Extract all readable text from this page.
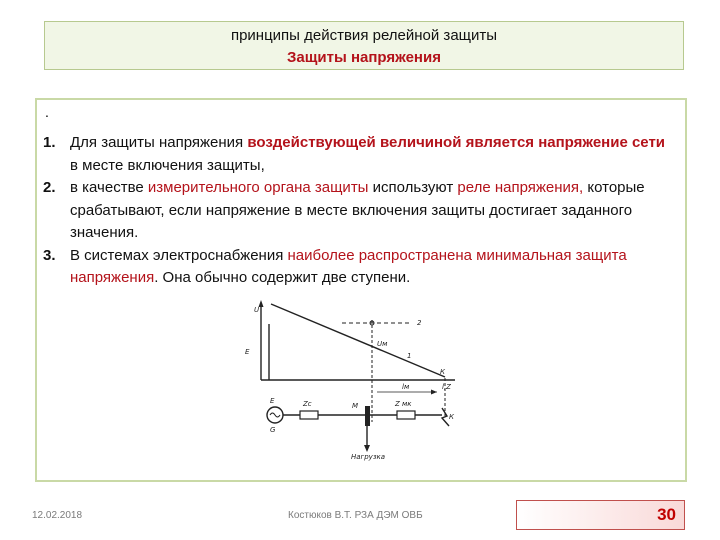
принципы действия релейной защиты
Защиты напряжения
.
1. Для защиты напряжения воздействующей величиной является напряжение сети в месте включения защиты,
2. в качестве измерительного органа защиты используют реле напряжения, которые срабатывают, если напряжение в месте включения защиты достигает заданного значения.
3. В системах электроснабжения наиболее распространена минимальная защита напряжения. Она обычно содержит две ступени.
U
E
2
1
Uм
К
l,Z
lм
E
G
Zс	М	Z мк
К
Нагрузка
12.02.2018	Костюков В.Т. РЗА ДЭМ ОВБ	30
